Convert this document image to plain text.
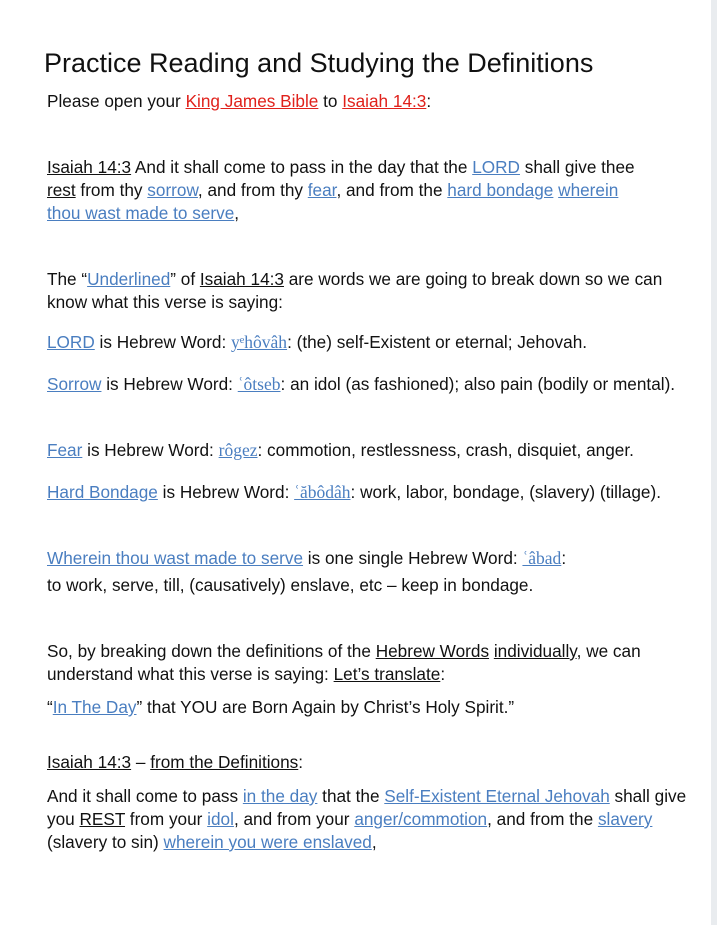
Practice Reading and Studying the Definitions
Please open your King James Bible to Isaiah 14:3:
Isaiah 14:3 And it shall come to pass in the day that the LORD shall give thee
rest from thy sorrow, and from thy fear, and from the hard bondage wherein
thou wast made to serve,
The “Underlined” of Isaiah 14:3 are words we are going to break down so we can know what this verse is saying:
LORD is Hebrew Word: yᵉhôvâh: (the) self-Existent or eternal; Jehovah.
Sorrow is Hebrew Word: ʿôtseb: an idol (as fashioned); also pain (bodily or mental).
Fear is Hebrew Word: rôgez: commotion, restlessness, crash, disquiet, anger.
Hard Bondage is Hebrew Word: ʿăbôdâh: work, labor, bondage, (slavery) (tillage).
Wherein thou wast made to serve is one single Hebrew Word: ʿâbad:
to work, serve, till, (causatively) enslave, etc – keep in bondage.
So, by breaking down the definitions of the Hebrew Words individually, we can understand what this verse is saying: Let’s translate:
“In The Day” that YOU are Born Again by Christ’s Holy Spirit.”
Isaiah 14:3 – from the Definitions:
And it shall come to pass in the day that the Self-Existent Eternal Jehovah shall give you REST from your idol, and from your anger/commotion, and from the slavery (slavery to sin) wherein you were enslaved,
